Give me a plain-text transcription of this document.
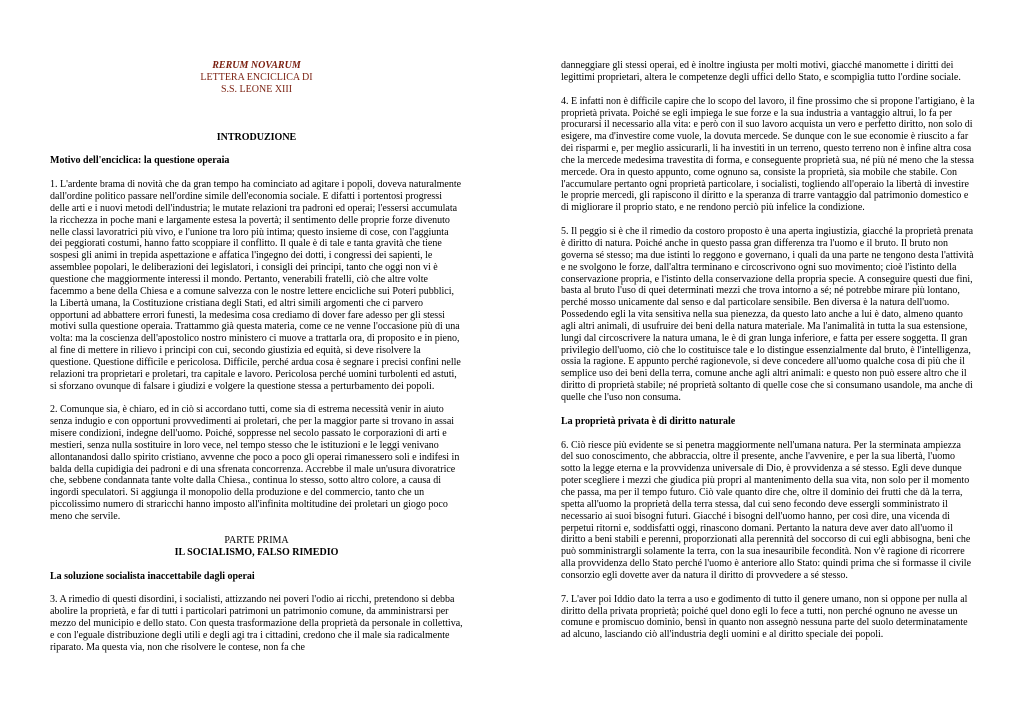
RERUM NOVARUM
LETTERA ENCICLICA DI
S.S. LEONE XIII
INTRODUZIONE

Motivo dell'enciclica: la questione operaia

1. L'ardente brama di novità che da gran tempo ha cominciato ad agitare i popoli, doveva naturalmente dall'ordine politico passare nell'ordine simile dell'economia sociale. E difatti i portentosi progressi delle arti e i nuovi metodi dell'industria; le mutate relazioni tra padroni ed operai; l'essersi accumulata la ricchezza in poche mani e largamente estesa la povertà; il sentimento delle proprie forze divenuto nelle classi lavoratrici più vivo, e l'unione tra loro più intima; questo insieme di cose, con l'aggiunta dei peggiorati costumi, hanno fatto scoppiare il conflitto. Il quale è di tale e tanta gravità che tiene sospesi gli animi in trepida aspettazione e affatica l'ingegno dei dotti, i congressi dei sapienti, le assemblee popolari, le deliberazioni dei legislatori, i consigli dei principi, tanto che oggi non vi è questione che maggiormente interessi il mondo. Pertanto, venerabili fratelli, ciò che altre volte facemmo a bene della Chiesa e a comune salvezza con le nostre lettere encicliche sui Poteri pubblici, la Libertà umana, la Costituzione cristiana degli Stati, ed altri simili argomenti che ci parvero opportuni ad abbattere errori funesti, la medesima cosa crediamo di dover fare adesso per gli stessi motivi sulla questione operaia. Trattammo già questa materia, come ce ne venne l'occasione più di una volta: ma la coscienza dell'apostolico nostro ministero ci muove a trattarla ora, di proposito e in pieno, al fine di mettere in rilievo i principi con cui, secondo giustizia ed equità, si deve risolvere la questione. Questione difficile e pericolosa. Difficile, perché ardua cosa è segnare i precisi confini nelle relazioni tra proprietari e proletari, tra capitale e lavoro. Pericolosa perché uomini turbolenti ed astuti, si sforzano ovunque di falsare i giudizi e volgere la questione stessa a perturbamento dei popoli.

2. Comunque sia, è chiaro, ed in ciò si accordano tutti, come sia di estrema necessità venir in aiuto senza indugio e con opportuni provvedimenti ai proletari, che per la maggior parte si trovano in assai misere condizioni, indegne dell'uomo. Poiché, soppresse nel secolo passato le corporazioni di arti e mestieri, senza nulla sostituire in loro vece, nel tempo stesso che le istituzioni e le leggi venivano allontanandosi dallo spirito cristiano, avvenne che poco a poco gli operai rimanessero soli e indifesi in balda della cupidigia dei padroni e di una sfrenata concorrenza. Accrebbe il male un'usura divoratrice che, sebbene condannata tante volte dalla Chiesa., continua lo stesso, sotto altro colore, a causa di ingordi speculatori. Si aggiunga il monopolio della produzione e del commercio, tanto che un piccolissimo numero di straricchi hanno imposto all'infinita moltitudine dei proletari un giogo poco meno che servile.

PARTE PRIMA
IL SOCIALISMO, FALSO RIMEDIO

La soluzione socialista inaccettabile dagli operai

3. A rimedio di questi disordini, i socialisti, attizzando nei poveri l'odio ai ricchi, pretendono si debba abolire la proprietà, e far di tutti i particolari patrimoni un patrimonio comune, da amministrarsi per mezzo del municipio e dello stato. Con questa trasformazione della proprietà da personale in collettiva, e con l'eguale distribuzione degli utili e degli agi tra i cittadini, credono che il male sia radicalmente riparato. Ma questa via, non che risolvere le contese, non fa che

danneggiare gli stessi operai, ed è inoltre ingiusta per molti motivi, giacché manomette i diritti dei legittimi proprietari, altera le competenze degli uffici dello Stato, e scompiglia tutto l'ordine sociale.

4. E infatti non è difficile capire che lo scopo del lavoro, il fine prossimo che si propone l'artigiano, è la proprietà privata. Poiché se egli impiega le sue forze e la sua industria a vantaggio altrui, lo fa per procurarsi il necessario alla vita: e però con il suo lavoro acquista un vero e perfetto diritto, non solo di esigere, ma d'investire come vuole, la dovuta mercede. Se dunque con le sue economie è riuscito a far dei risparmi e, per meglio assicurarli, li ha investiti in un terreno, questo terreno non è infine altra cosa che la mercede medesima travestita di forma, e conseguente proprietà sua, né più né meno che la stessa mercede. Ora in questo appunto, come ognuno sa, consiste la proprietà, sia mobile che stabile. Con l'accumulare pertanto ogni proprietà particolare, i socialisti, togliendo all'operaio la libertà di investire le proprie mercedi, gli rapiscono il diritto e la speranza di trarre vantaggio dal patrimonio domestico e di migliorare il proprio stato, e ne rendono perciò più infelice la condizione.

5. Il peggio si è che il rimedio da costoro proposto è una aperta ingiustizia, giacché la proprietà prenata è diritto di natura. Poiché anche in questo passa gran differenza tra l'uomo e il bruto. Il bruto non governa sé stesso; ma due istinti lo reggono e governano, i quali da una parte ne tengono desta l'attività e ne svolgono le forze, dall'altra terminano e circoscrivono ogni suo movimento; cioè l'istinto della conservazione propria, e l'istinto della conservazione della propria specie. A conseguire questi due fini, basta al bruto l'uso di quei determinati mezzi che trova intorno a sé; né potrebbe mirare più lontano, perché mosso unicamente dal senso e dal particolare sensibile. Ben diversa è la natura dell'uomo. Possedendo egli la vita sensitiva nella sua pienezza, da questo lato anche a lui è dato, almeno quanto agli altri animali, di usufruire dei beni della natura materiale. Ma l'animalità in tutta la sua estensione, lungi dal circoscrivere la natura umana, le è di gran lunga inferiore, e fatta per essere soggetta. Il gran privilegio dell'uomo, ciò che lo costituisce tale e lo distingue essenzialmente dal bruto, è l'intelligenza, ossia la ragione. E appunto perché ragionevole, si deve concedere all'uomo qualche cosa di più che il semplice uso dei beni della terra, comune anche agli altri animali: e questo non può essere altro che il diritto di proprietà stabile; né proprietà soltanto di quelle cose che si consumano usandole, ma anche di quelle che l'uso non consuma.

La proprietà privata è di diritto naturale

6. Ciò riesce più evidente se si penetra maggiormente nell'umana natura. Per la sterminata ampiezza del suo conoscimento, che abbraccia, oltre il presente, anche l'avvenire, e per la sua libertà, l'uomo sotto la legge eterna e la provvidenza universale di Dio, è provvidenza a sé stesso. Egli deve dunque poter scegliere i mezzi che giudica più propri al mantenimento della sua vita, non solo per il momento che passa, ma per il tempo futuro. Ciò vale quanto dire che, oltre il dominio dei frutti che dà la terra, spetta all'uomo la proprietà della terra stessa, dal cui seno fecondo deve essergli somministrato il necessario ai suoi bisogni futuri. Giacché i bisogni dell'uomo hanno, per così dire, una vicenda di perpetui ritorni e, soddisfatti oggi, rinascono domani. Pertanto la natura deve aver dato all'uomo il diritto a beni stabili e perenni, proporzionati alla perennità del soccorso di cui egli abbisogna, beni che può somministrargli solamente la terra, con la sua inesauribile fecondità. Non v'è ragione di ricorrere alla provvidenza dello Stato perché l'uomo è anteriore allo Stato: quindi prima che si formasse il civile consorzio egli dovette aver da natura il diritto di provvedere a sé stesso.

7. L'aver poi Iddio dato la terra a uso e godimento di tutto il genere umano, non si oppone per nulla al diritto della privata proprietà; poiché quel dono egli lo fece a tutti, non perché ognuno ne avesse un comune e promiscuo dominio, bensì in quanto non assegnò nessuna parte del suolo determinatamente ad alcuno, lasciando ciò all'industria degli uomini e al diritto speciale dei popoli.
